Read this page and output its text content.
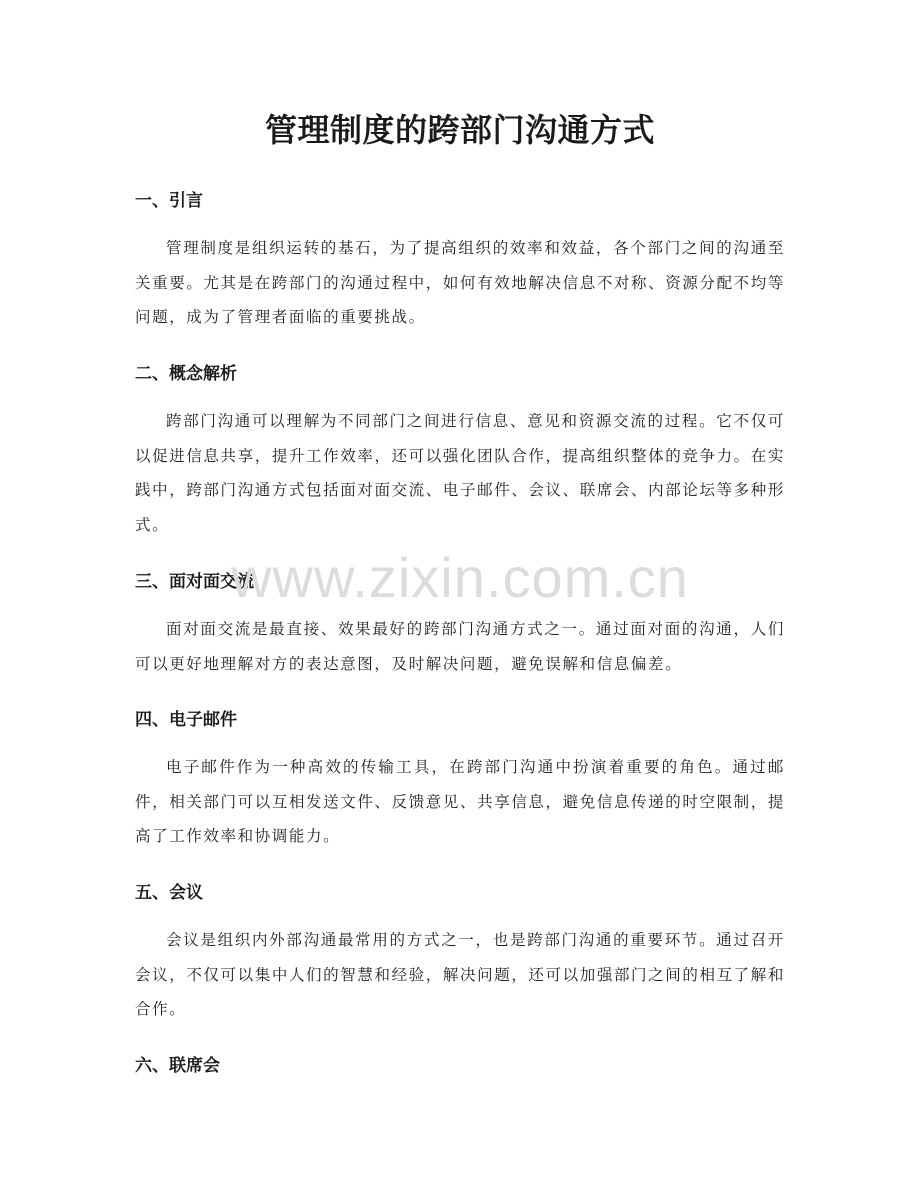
管理制度的跨部门沟通方式
一、引言

管理制度是组织运转的基石，为了提高组织的效率和效益，各个部门之间的沟通至关重要。尤其是在跨部门的沟通过程中，如何有效地解决信息不对称、资源分配不均等问题，成为了管理者面临的重要挑战。

二、概念解析

跨部门沟通可以理解为不同部门之间进行信息、意见和资源交流的过程。它不仅可以促进信息共享，提升工作效率，还可以强化团队合作，提高组织整体的竞争力。在实践中，跨部门沟通方式包括面对面交流、电子邮件、会议、联席会、内部论坛等多种形式。

三、面对面交流

面对面交流是最直接、效果最好的跨部门沟通方式之一。通过面对面的沟通，人们可以更好地理解对方的表达意图，及时解决问题，避免误解和信息偏差。

四、电子邮件

电子邮件作为一种高效的传输工具，在跨部门沟通中扮演着重要的角色。通过邮件，相关部门可以互相发送文件、反馈意见、共享信息，避免信息传递的时空限制，提高了工作效率和协调能力。

五、会议

会议是组织内外部沟通最常用的方式之一，也是跨部门沟通的重要环节。通过召开会议，不仅可以集中人们的智慧和经验，解决问题，还可以加强部门之间的相互了解和合作。

六、联席会
www.zixin.com.cn
